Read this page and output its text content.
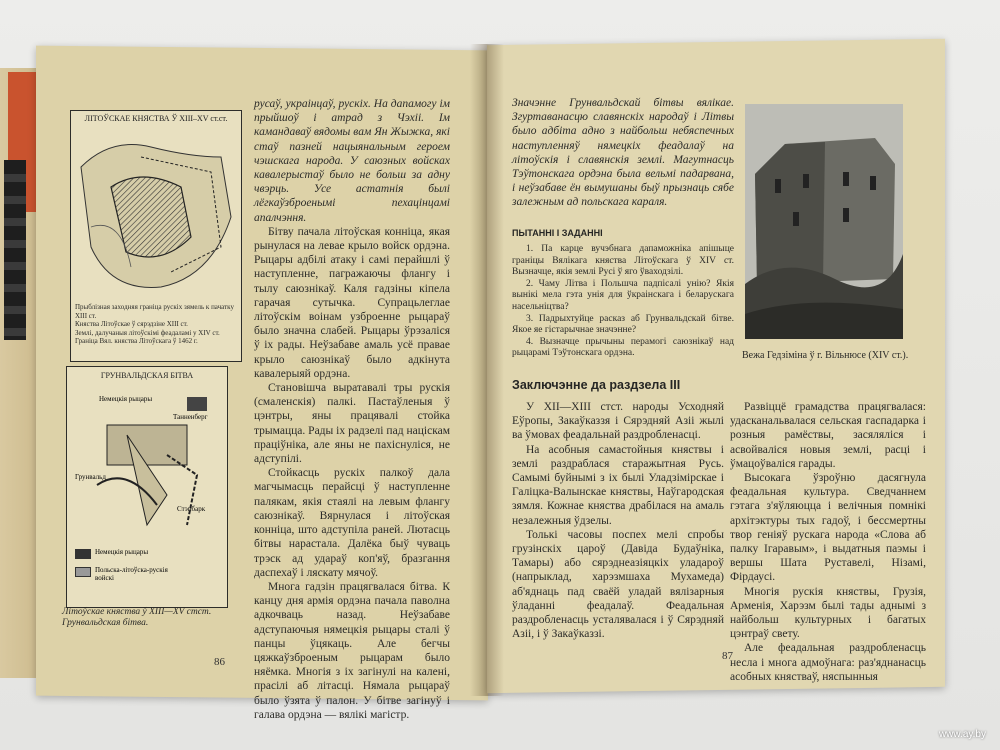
ЛІТОЎСКАЕ КНЯСТВА Ў XIII–XV ст.ст.
Прыблізная заходняя граніца рускіх зямель к пачатку XIII ст.
Княства Літоўскае ў сярэдзіне XIII ст.
Землі, далучаныя літоўскімі феадаламі у XIV ст.
Граніца Вял. княства Літоўскага ў 1462 г.
ГРУНВАЛЬДСКАЯ БІТВА
Немецкія рыцары
Танненберг
Грунвальд
Стэнбарк
Немецкія рыцары
Польска-літоўска-рускія войскі
Літоўскае княства ў XIII—XV стст. Грунвальдская бітва.

русаў, украінцаў, рускіх. На дапамогу ім прыйшоў і атрад з Чэхіі. Ім камандаваў вядомы вам Ян Жыжка, які стаў пазней нацыянальным героем чэшскага народа. У саюзных войсках кавалерыстаў было не больш за адну чвэрць. Усе астатнія былі лёгкаўзброенымі пехацінцамі апалчэння.

Бітву пачала літоўская конніца, якая рынулася на левае крыло войск ордэна. Рыцары адбілі атаку і самі перайшлі ў наступленне, пагражаючы флангу і тылу саюзнікаў. Каля гадзіны кіпела гарачая сутычка. Супрацьлеглае літоўскім воінам узброенне рыцараў было значна слабей. Рыцары ўрэзаліся ў іх рады. Неўзабаве амаль усё правае крыло саюзнікаў было адкінута кавалерыяй ордэна.

Становішча выратавалі тры рускія (смаленскія) палкі. Пастаўленыя ў цэнтры, яны працявалі стойка трымацца. Рады іх радзелі пад націскам праціўніка, але яны не пахіснуліся, не адступілі.

Стойкасць рускіх палкоў дала магчымасць перайсці ў наступленне палякам, якія стаялі на левым флангу саюзнікаў. Вярнулася і літоўская конніца, што адступіла раней. Лютасць бітвы нарастала. Далёка быў чуваць трэск ад удараў коп'яў, бразгання даспехаў і ляскату мячоў.

Многа гадзін працягвалася бітва. К канцу дня армія ордэна пачала паволна адкочваць назад. Неўзабаве адступаючыя нямецкія рыцары сталі ў панцы ўцякаць. Але бегчы цяжкаўзброеным рыцарам было няёмка. Многія з іх загінулі на калені, прасілі аб літасці. Нямала рыцараў было ўзята ў палон. У бітве загінуў і галава ордэна — вялікі магістр.

86
Значэнне Грунвальдскай бітвы вялікае. Згуртаванасцю славянскіх народаў і Літвы было адбіта адно з найбольш небяспечных наступленняў нямецкіх феадалаў на літоўскія і славянскія землі. Магутнасць Тэўтонскага ордэна была вельмі падарвана, і неўзабаве ён вымушаны быў прызнаць сябе залежным ад польскага караля.
ПЫТАННІ І ЗАДАННІ

1. Па карце вучэбнага дапаможніка апішыце граніцы Вялікага княства Літоўскага ў XIV ст. Вызначце, якія землі Русі ў яго ўваходзілі.

2. Чаму Літва і Польшча падпісалі унію? Якія вынікі мела гэта унія для ўкраінскага і беларускага насельніцтва?

3. Падрыхтуйце расказ аб Грунвальдскай бітве. Якое яе гістарычнае значэнне?

4. Вызначце прычыны перамогі саюзнікаў над рыцарамі Тэўтонскага ордэна.	Вежа Гедзіміна ў г. Вільнюсе (XIV ст.).
Заключэнне да раздзела III

У XII—XIII стст. народы Усходняй Еўропы, Закаўказзя і Сярэдняй Азіі жылі ва ўмовах феадальнай раздробленасці.

На асобныя самастойныя княствы і землі раздраблася старажытная Русь. Самымі буйнымі з іх былі Уладзімірскае і Галіцка-Валынскае княствы, Наўгародская зямля. Кожнае княства драбілася на амаль незалежныя ўдзелы.

Толькі часовы поспех мелі спробы грузінскіх цароў (Давіда Будаўніка, Тамары) або сярэднеазіяцкіх уладароў (напрыклад, харэзмшаха Мухамеда) аб'яднаць пад сваёй уладай вялізарныя ўладанні феадалаў. Феадальная раздробленасць усталявалася і ў Сярэдняй Азіі, і ў Закаўказзі.

Развіццё грамадства працягвалася: удасканальвалася сельская гаспадарка і розныя рамёствы, засяляліся і асвойваліся новыя землі, расці і ўмацоўваліся гарады.

Высокага ўзроўню дасягнула феадальная культура. Сведчаннем гэтага з'яўляюцца і велічныя помнікі архітэктуры тых гадоў, і бессмертны твор геніяў рускага народа «Слова аб палку Ігаравым», і выдатныя паэмы і вершы Шата Руставелі, Нізамі, Фірдаусі.

Многія рускія княствы, Грузія, Арменія, Харэзм былі тады аднымі з найбольш культурных і багатых цэнтраў свету.

Але феадальная раздробленасць несла і многа адмоўнага: раз'яднанасць асобных княстваў, няспынныя

87
www.ay.by
